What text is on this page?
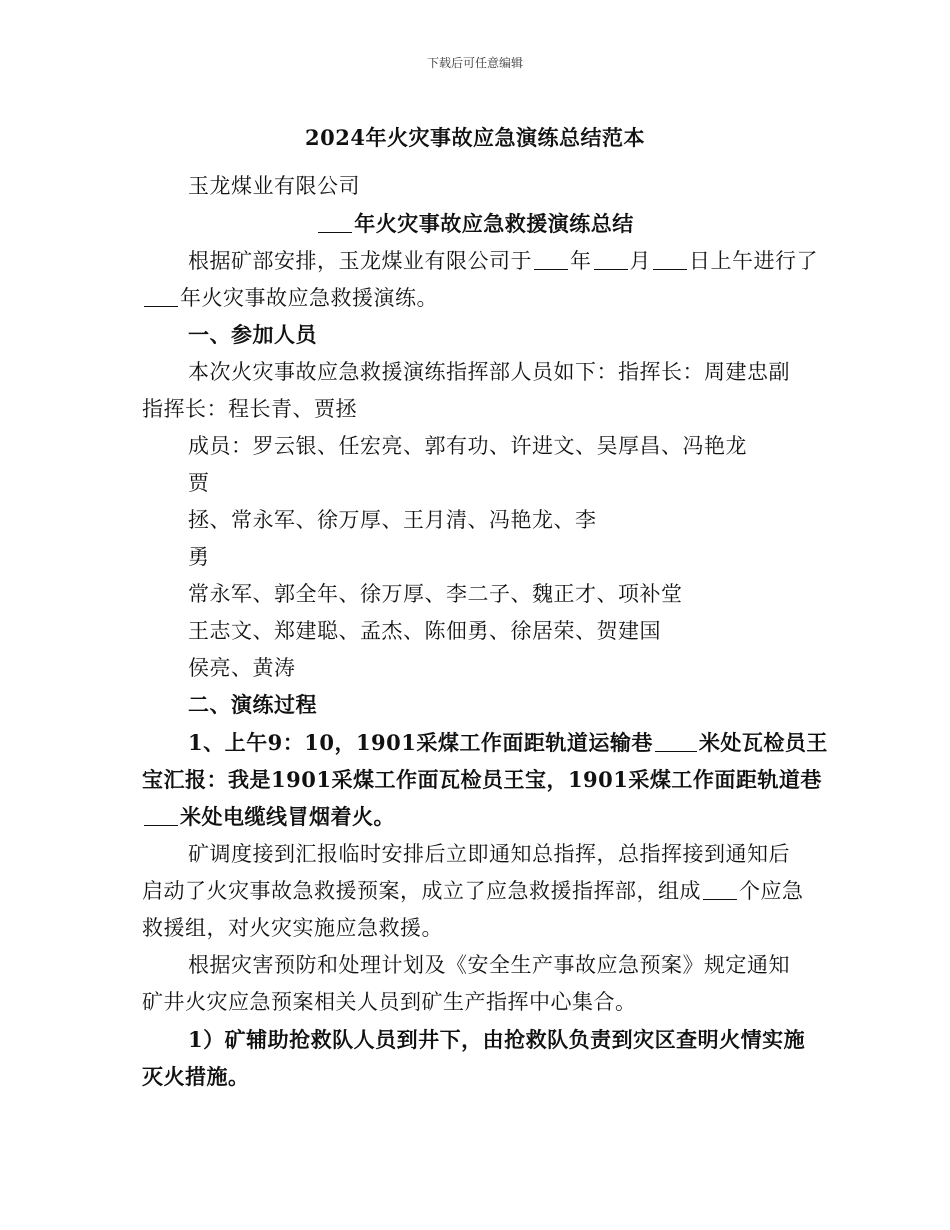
下载后可任意编辑
2024年火灾事故应急演练总结范本
玉龙煤业有限公司
年火灾事故应急救援演练总结
根据矿部安排，玉龙煤业有限公司于 年 月 日上午进行了
年火灾事故应急救援演练。
一、参加人员
本次火灾事故应急救援演练指挥部人员如下：指挥长：周建忠副
指挥长：程长青、贾拯
成员：罗云银、任宏亮、郭有功、许进文、吴厚昌、冯艳龙
贾
拯、常永军、徐万厚、王月清、冯艳龙、李
勇
常永军、郭全年、徐万厚、李二子、魏正才、项补堂
王志文、郑建聪、孟杰、陈佃勇、徐居荣、贺建国
侯亮、黄涛
二、演练过程
1、上午9：10，1901采煤工作面距轨道运输巷 米处瓦检员王
宝汇报：我是1901采煤工作面瓦检员王宝，1901采煤工作面距轨道巷
米处电缆线冒烟着火。
矿调度接到汇报临时安排后立即通知总指挥，总指挥接到通知后
启动了火灾事故急救援预案，成立了应急救援指挥部，组成 个应急
救援组，对火灾实施应急救援。
根据灾害预防和处理计划及《安全生产事故应急预案》规定通知
矿井火灾应急预案相关人员到矿生产指挥中心集合。
1）矿辅助抢救队人员到井下，由抢救队负责到灾区查明火情实施
灭火措施。
